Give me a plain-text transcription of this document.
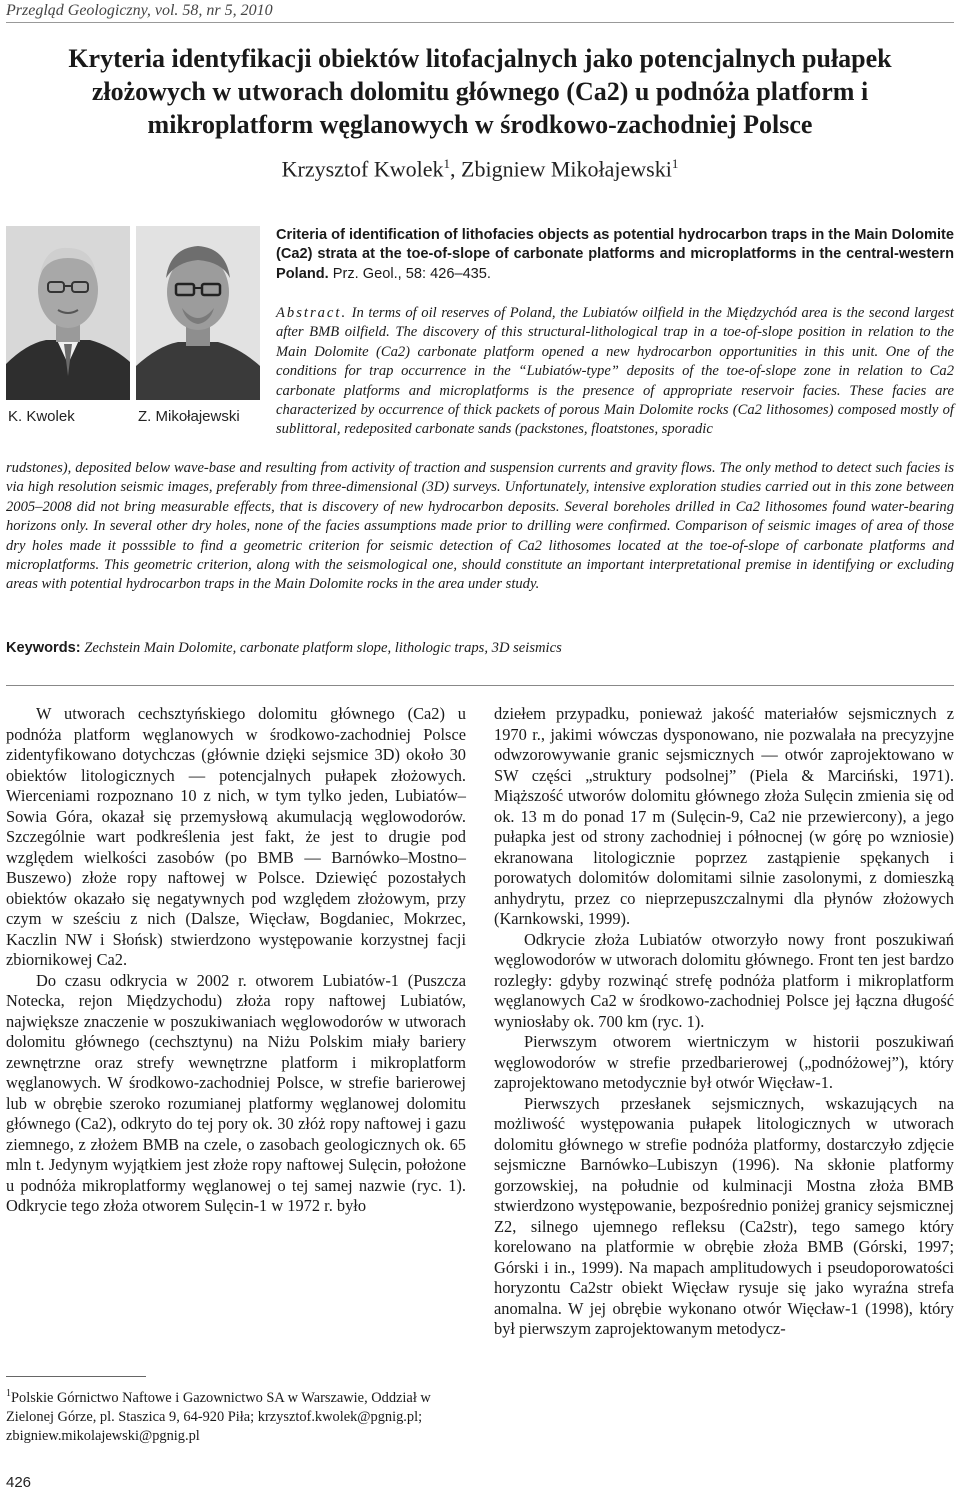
Przegląd Geologiczny, vol. 58, nr 5, 2010
Kryteria identyfikacji obiektów litofacjalnych jako potencjalnych pułapek złożowych w utworach dolomitu głównego (Ca2) u podnóża platform i mikroplatform węglanowych w środkowo-zachodniej Polsce
Krzysztof Kwolek$^1$, Zbigniew Mikołajewski$^1$
K. Kwolek	Z. Mikołajewski
Criteria of identification of lithofacies objects as potential hydrocarbon traps in the Main Dolomite (Ca2) strata at the toe-of-slope of carbonate platforms and microplatforms in the central-western Poland. Prz. Geol., 58: 426–435.
Abstract. In terms of oil reserves of Poland, the Lubiatów oilfield in the Międzychód area is the second largest after BMB oilfield. The discovery of this structural-lithological trap in a toe-of-slope position in relation to the Main Dolomite (Ca2) carbonate platform opened a new hydrocarbon opportunities in this unit. One of the conditions for trap occurrence in the “Lubiatów-type” deposits of the toe-of-slope zone in relation to Ca2 carbonate platforms and microplatforms is the presence of appropriate reservoir facies. These facies are characterized by occurrence of thick packets of porous Main Dolomite rocks (Ca2 lithosomes) composed mostly of sublittoral, redeposited carbonate sands (packstones, floatstones, sporadic
rudstones), deposited below wave-base and resulting from activity of traction and suspension currents and gravity flows. The only method to detect such facies is via high resolution seismic images, preferably from three-dimensional (3D) surveys. Unfortunately, intensive exploration studies carried out in this zone between 2005–2008 did not bring measurable effects, that is discovery of new hydrocarbon deposits. Several boreholes drilled in Ca2 lithosomes found water-bearing horizons only. In several other dry holes, none of the facies assumptions made prior to drilling were confirmed. Comparison of seismic images of area of those dry holes made it posssible to find a geometric criterion for seismic detection of Ca2 lithosomes located at the toe-of-slope of carbonate platforms and microplatforms. This geometric criterion, along with the seismological one, should constitute an important interpretational premise in identifying or excluding areas with potential hydrocarbon traps in the Main Dolomite rocks in the area under study.
Keywords: Zechstein Main Dolomite, carbonate platform slope, lithologic traps, 3D seismics

W utworach cechsztyńskiego dolomitu głównego (Ca2) u podnóża platform węglanowych w środkowo-zachodniej Polsce zidentyfikowano dotychczas (głównie dzięki sejsmice 3D) około 30 obiektów litologicznych — potencjalnych pułapek złożowych. Wierceniami rozpoznano 10 z nich, w tym tylko jeden, Lubiatów–Sowia Góra, okazał się przemysłową akumulacją węglowodorów. Szczególnie wart podkreślenia jest fakt, że jest to drugie pod względem wielkości zasobów (po BMB — Barnówko–Mostno–Buszewo) złoże ropy naftowej w Polsce. Dziewięć pozostałych obiektów okazało się negatywnych pod względem złożowym, przy czym w sześciu z nich (Dalsze, Więcław, Bogdaniec, Mokrzec, Kaczlin NW i Słońsk) stwierdzono występowanie korzystnej facji zbiornikowej Ca2.

Do czasu odkrycia w 2002 r. otworem Lubiatów-1 (Puszcza Notecka, rejon Międzychodu) złoża ropy naftowej Lubiatów, największe znaczenie w poszukiwaniach węglowodorów w utworach dolomitu głównego (cechsztynu) na Niżu Polskim miały bariery zewnętrzne oraz strefy wewnętrzne platform i mikroplatform węglanowych. W środkowo-zachodniej Polsce, w strefie barierowej lub w obrębie szeroko rozumianej platformy węglanowej dolomitu głównego (Ca2), odkryto do tej pory ok. 30 złóż ropy naftowej i gazu ziemnego, z złożem BMB na czele, o zasobach geologicznych ok. 65 mln t. Jedynym wyjątkiem jest złoże ropy naftowej Sulęcin, położone u podnóża mikroplatformy węglanowej o tej samej nazwie (ryc. 1). Odkrycie tego złoża otworem Sulęcin-1 w 1972 r. było

dziełem przypadku, ponieważ jakość materiałów sejsmicznych z 1970 r., jakimi wówczas dysponowano, nie pozwalała na precyzyjne odwzorowywanie granic sejsmicznych — otwór zaprojektowano w SW części „struktury podsolnej” (Piela & Marciński, 1971). Miąższość utworów dolomitu głównego złoża Sulęcin zmienia się od ok. 13 m do ponad 17 m (Sulęcin-9, Ca2 nie przewiercony), a jego pułapka jest od strony zachodniej i północnej (w górę po wzniosie) ekranowana litologicznie poprzez zastąpienie spękanych i porowatych dolomitów dolomitami silnie zasolonymi, z domieszką anhydrytu, przez co nieprzepuszczalnymi dla płynów złożowych (Karnkowski, 1999).

Odkrycie złoża Lubiatów otworzyło nowy front poszukiwań węglowodorów w utworach dolomitu głównego. Front ten jest bardzo rozległy: gdyby rozwinąć strefę podnóża platform i mikroplatform węglanowych Ca2 w środkowo-zachodniej Polsce jej łączna długość wyniosłaby ok. 700 km (ryc. 1).

Pierwszym otworem wiertniczym w historii poszukiwań węglowodorów w strefie przedbarierowej („podnóżowej”), który zaprojektowano metodycznie był otwór Więcław-1.

Pierwszych przesłanek sejsmicznych, wskazujących na możliwość występowania pułapek litologicznych w utworach dolomitu głównego w strefie podnóża platformy, dostarczyło zdjęcie sejsmiczne Barnówko–Lubiszyn (1996). Na skłonie platformy gorzowskiej, na południe od kulminacji Mostna złoża BMB stwierdzono występowanie, bezpośrednio poniżej granicy sejsmicznej Z2, silnego ujemnego refleksu (Ca2str), tego samego który korelowano na platformie w obrębie złoża BMB (Górski, 1997; Górski i in., 1999). Na mapach amplitudowych i pseudoporowatości horyzontu Ca2str obiekt Więcław rysuje się jako wyraźna strefa anomalna. W jej obrębie wykonano otwór Więcław-1 (1998), który był pierwszym zaprojektowanym metodycz-

$^1$Polskie Górnictwo Naftowe i Gazownictwo SA w Warszawie, Oddział w Zielonej Górze, pl. Staszica 9, 64-920 Piła; krzysztof.kwolek@pgnig.pl; zbigniew.mikolajewski@pgnig.pl
426
